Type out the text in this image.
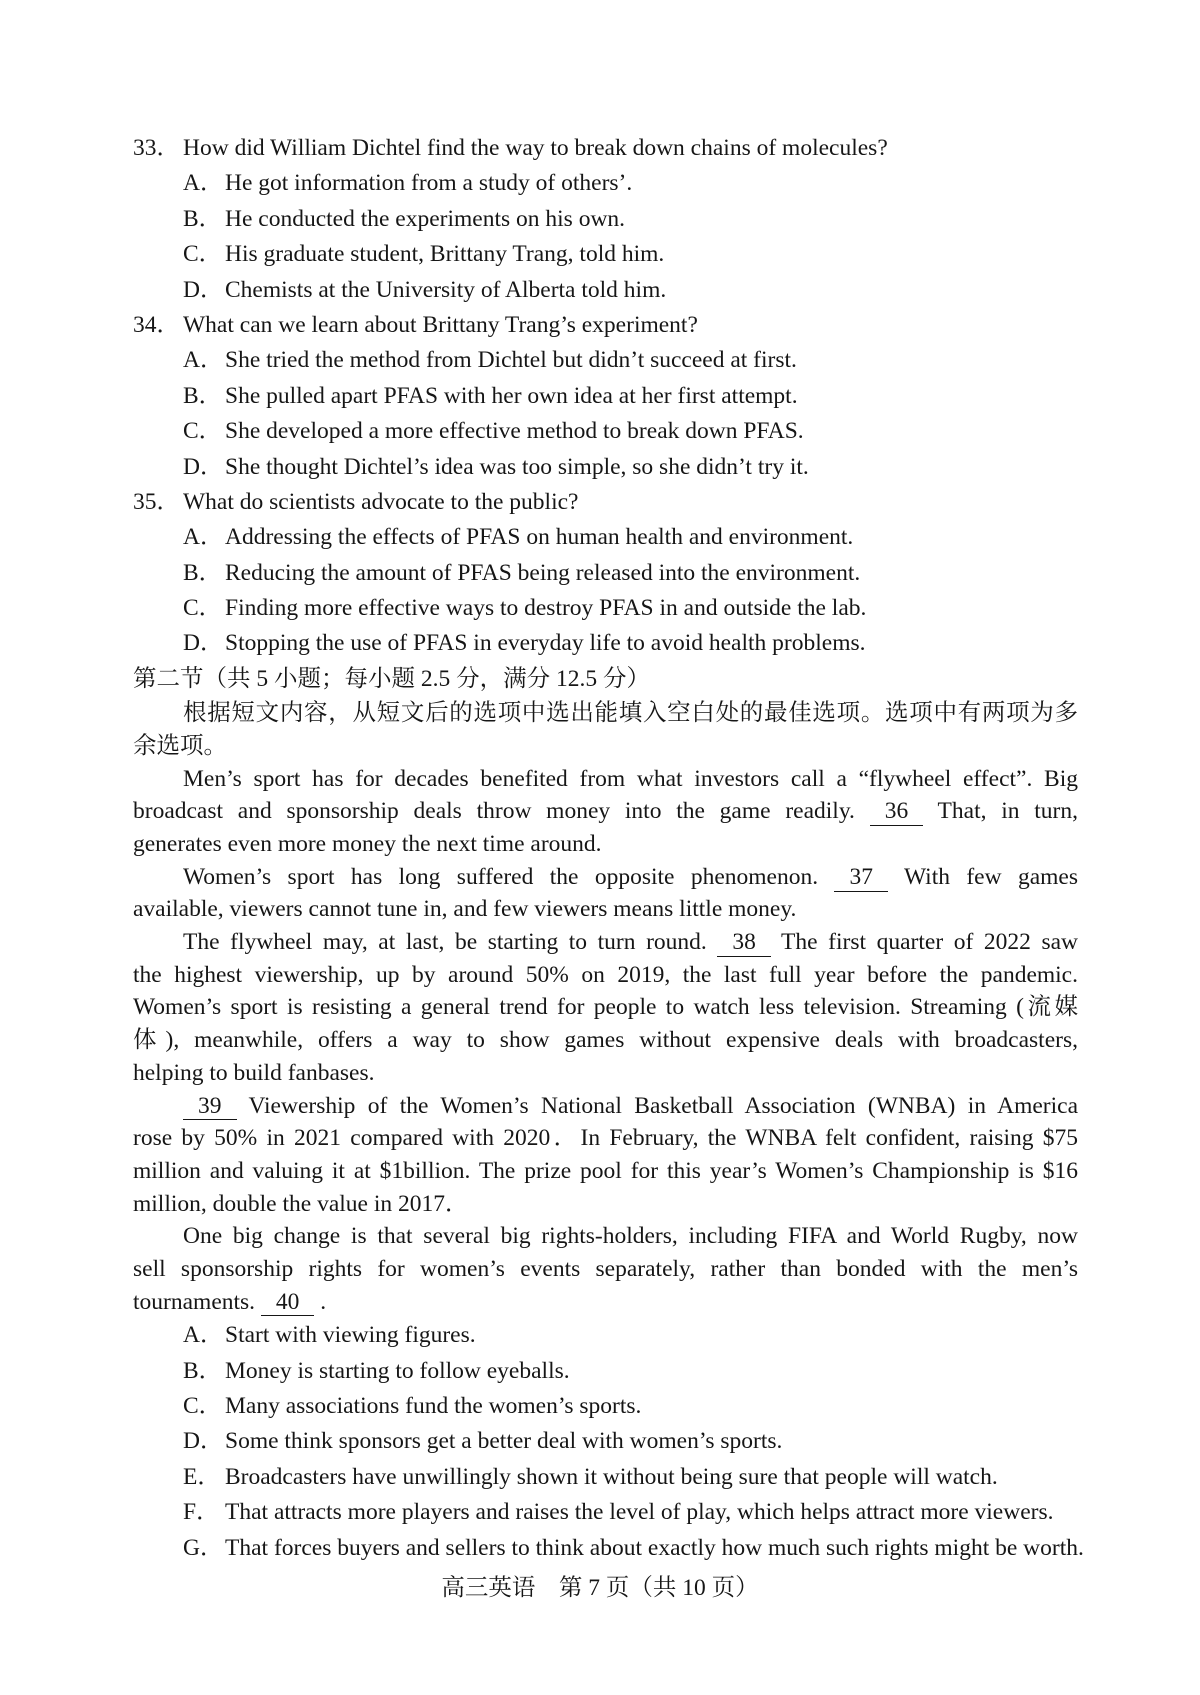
33． How did William Dichtel find the way to break down chains of molecules?
A．He got information from a study of others’.
B． He conducted the experiments on his own.
C． His graduate student, Brittany Trang, told him.
D．Chemists at the University of Alberta told him.
34． What can we learn about Brittany Trang’s experiment?
A．She tried the method from Dichtel but didn’t succeed at first.
B． She pulled apart PFAS with her own idea at her first attempt.
C． She developed a more effective method to break down PFAS.
D．She thought Dichtel’s idea was too simple, so she didn’t try it.
35． What do scientists advocate to the public?
A．Addressing the effects of PFAS on human health and environment.
B． Reducing the amount of PFAS being released into the environment.
C． Finding more effective ways to destroy PFAS in and outside the lab.
D．Stopping the use of PFAS in everyday life to avoid health problems.
第二节（共 5 小题；每小题 2.5 分，满分 12.5 分）
根据短文内容，从短文后的选项中选出能填入空白处的最佳选项。选项中有两项为多
余选项。
Men’s sport has for decades benefited from what investors call a “flywheel effect”. Big
broadcast and sponsorship deals throw money into the game readily. 36 That, in turn,
generates even more money the next time around.
Women’s sport has long suffered the opposite phenomenon. 37 With few games
available, viewers cannot tune in, and few viewers means little money.
The flywheel may, at last, be starting to turn round. 38 The first quarter of 2022 saw
the highest viewership, up by around 50% on 2019, the last full year before the pandemic.
Women’s sport is resisting a general trend for people to watch less television. Streaming (流媒
体), meanwhile, offers a way to show games without expensive deals with broadcasters,
helping to build fanbases.
39 Viewership of the Women’s National Basketball Association (WNBA) in America
rose by 50% in 2021 compared with 2020．In February, the WNBA felt confident, raising $75
million and valuing it at $1billion. The prize pool for this year’s Women’s Championship is $16
million, double the value in 2017．
One big change is that several big rights-holders, including FIFA and World Rugby, now
sell sponsorship rights for women’s events separately, rather than bonded with the men’s
tournaments. 40 .
A．Start with viewing figures.
B． Money is starting to follow eyeballs.
C． Many associations fund the women’s sports.
D．Some think sponsors get a better deal with women’s sports.
E． Broadcasters have unwillingly shown it without being sure that people will watch.
F． That attracts more players and raises the level of play, which helps attract more viewers.
G．That forces buyers and sellers to think about exactly how much such rights might be worth.
高三英语　第 7 页（共 10 页）
